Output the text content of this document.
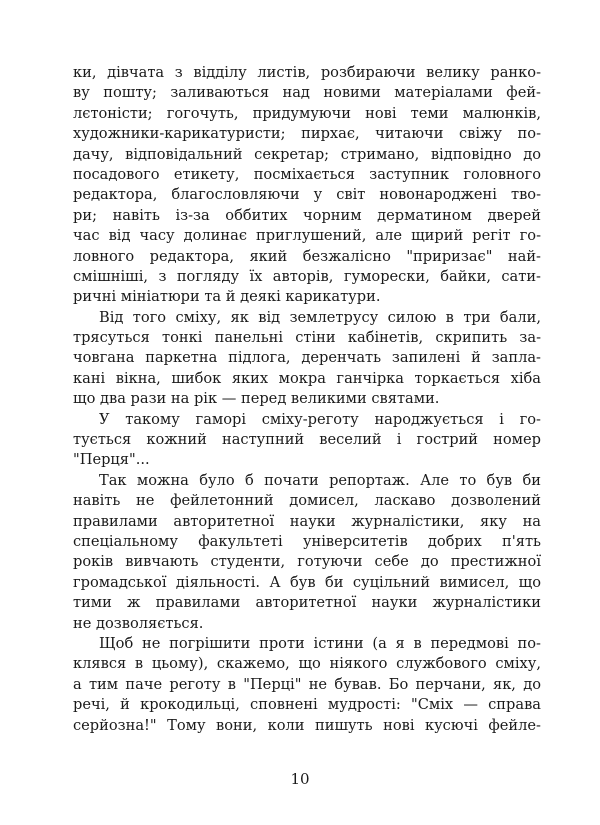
ки, дівчата з відділу листів, розбираючи велику ранко-
ву пошту; заливаються над новими матеріалами фей-
лєтоністи; гогочуть, придумуючи нові теми малюнків,
художники-карикатуристи; пирхає, читаючи свіжу по-
дачу, відповідальний секретар; стримано, відповідно до
посадового етикету, посміхається заступник головного
редактора, благословляючи у світ новонароджені тво-
ри; навіть із-за оббитих чорним дерматином дверей
час від часу долинає приглушений, але щирий регіт го-
ловного редактора, який безжалісно "приризає" най-
смішніші, з погляду їх авторів, гуморески, байки, сати-
ричні мініатюри та й деякі карикатури.
Від того сміху, як від землетрусу силою в три бали,
трясуться тонкі панельні стіни кабінетів, скрипить за-
човгана паркетна підлога, деренчать запилені й запла-
кані вікна, шибок яких мокра ганчірка торкається хіба
що два рази на рік — перед великими святами.
У такому гаморі сміху-реготу народжується і го-
тується кожний наступний веселий і гострий номер
"Перця"...
Так можна було б почати репортаж. Але то був би
навіть не фейлетонний домисел, ласкаво дозволений
правилами авторитетної науки журналістики, яку на
спеціальному факультеті університетів добрих п'ять
років вивчають студенти, готуючи себе до престижної
громадської діяльності. А був би суцільний вимисел, що
тими ж правилами авторитетної науки журналістики
не дозволяється.
Щоб не погрішити проти істини (а я в передмові по-
клявся в цьому), скажемо, що ніякого службового сміху,
а тим паче реготу в "Перці" не бував. Бо перчани, як, до
речі, й крокодильці, сповнені мудрості: "Сміх — справа
серйозна!" Тому вони, коли пишуть нові кусючі фейле-
10
